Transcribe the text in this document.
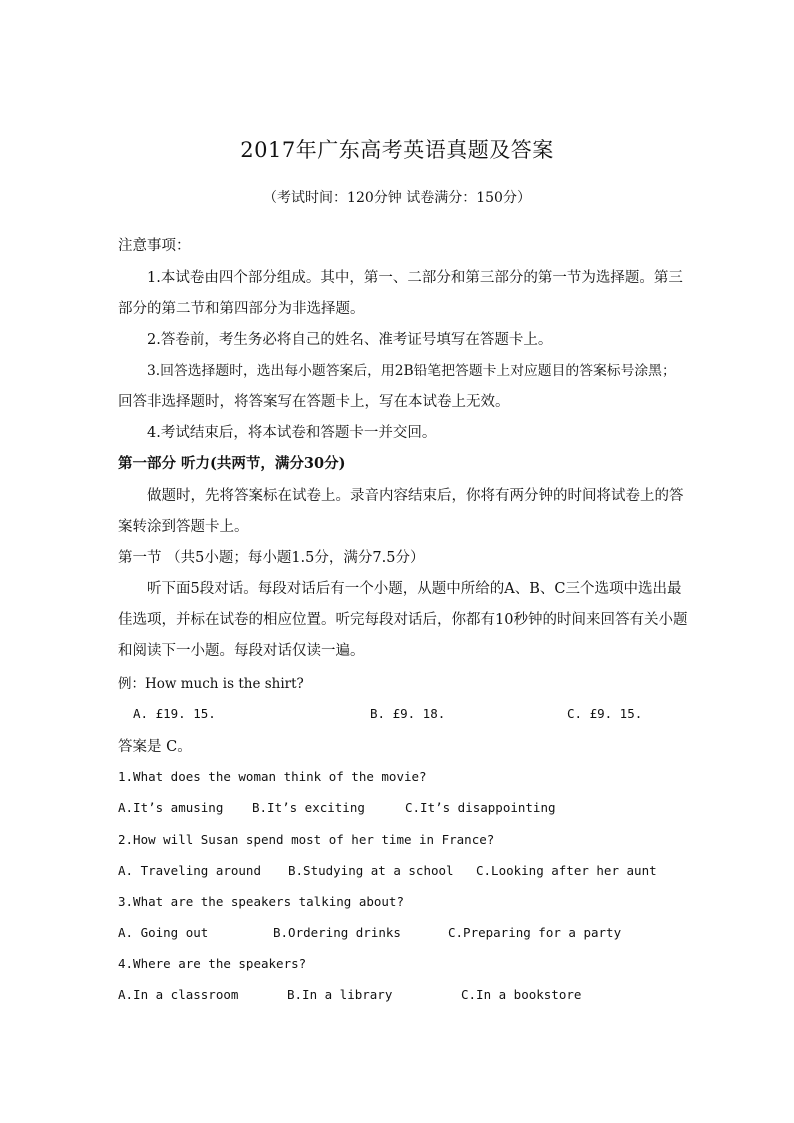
2017年广东高考英语真题及答案
（考试时间：120分钟 试卷满分：150分）
注意事项：
1.本试卷由四个部分组成。其中，第一、二部分和第三部分的第一节为选择题。第三
部分的第二节和第四部分为非选择题。
2.答卷前，考生务必将自己的姓名、准考证号填写在答题卡上。
3.回答选择题时，选出每小题答案后，用2B铅笔把答题卡上对应题目的答案标号涂黑；
回答非选择题时，将答案写在答题卡上，写在本试卷上无效。
4.考试结束后，将本试卷和答题卡一并交回。
第一部分 听力(共两节，满分30分)
做题时，先将答案标在试卷上。录音内容结束后，你将有两分钟的时间将试卷上的答
案转涂到答题卡上。
第一节 （共5小题；每小题1.5分，满分7.5分）
听下面5段对话。每段对话后有一个小题，从题中所给的A、B、C三个选项中选出最
佳选项，并标在试卷的相应位置。听完每段对话后，你都有10秒钟的时间来回答有关小题
和阅读下一小题。每段对话仅读一遍。
例：How much is the shirt?
A. £19. 15.	B. £9. 18.	C. £9. 15.
答案是 C。
1.What does the woman think of the movie?
A.It’s amusing B.It’s exciting	C.It’s disappointing
2.How will Susan spend most of her time in France?
A. Traveling around B.Studying at a school C.Looking after her aunt
3.What are the speakers talking about?
A. Going out	B.Ordering drinks	C.Preparing for a party
4.Where are the speakers?
A.In a classroom	B.In a library	C.In a bookstore
